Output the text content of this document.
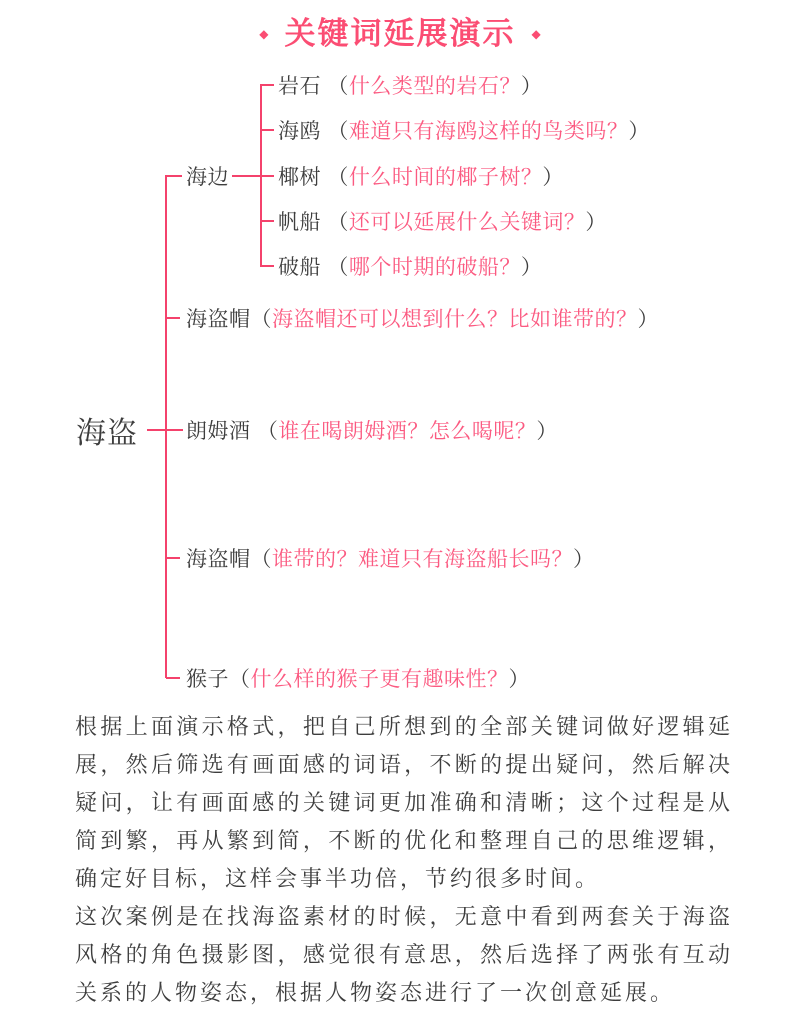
◆ 关键词延展演示 ◆
海盗
海边
岩石 （什么类型的岩石？）
海鸥 （难道只有海鸥这样的鸟类吗？）
椰树 （什么时间的椰子树？）
帆船 （还可以延展什么关键词？）
破船 （哪个时期的破船？）
海盗帽（海盗帽还可以想到什么？比如谁带的？）
朗姆酒 （谁在喝朗姆酒？怎么喝呢？）
海盗帽（谁带的？难道只有海盗船长吗？）
猴子（什么样的猴子更有趣味性？）

根据上面演示格式，把自己所想到的全部关键词做好逻辑延展，然后筛选有画面感的词语，不断的提出疑问，然后解决疑问，让有画面感的关键词更加准确和清晰；这个过程是从简到繁，再从繁到简，不断的优化和整理自己的思维逻辑，确定好目标，这样会事半功倍，节约很多时间。

这次案例是在找海盗素材的时候，无意中看到两套关于海盗风格的角色摄影图，感觉很有意思，然后选择了两张有互动关系的人物姿态，根据人物姿态进行了一次创意延展。
